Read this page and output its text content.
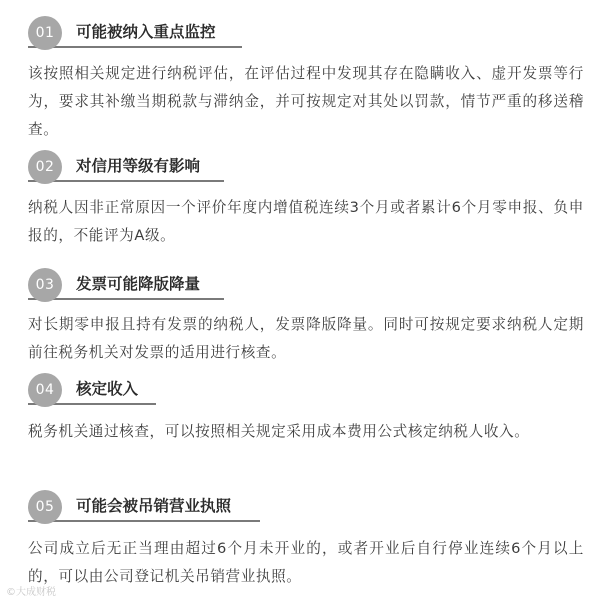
01	可能被纳入重点监控
该按照相关规定进行纳税评估，在评估过程中发现其存在隐瞒收入、虚开发票等行为，要求其补缴当期税款与滞纳金，并可按规定对其处以罚款，情节严重的移送稽查。
02	对信用等级有影响
纳税人因非正常原因一个评价年度内增值税连续3个月或者累计6个月零申报、负申报的，不能评为A级。
03	发票可能降版降量
对长期零申报且持有发票的纳税人，发票降版降量。同时可按规定要求纳税人定期前往税务机关对发票的适用进行核查。
04	核定收入
税务机关通过核查，可以按照相关规定采用成本费用公式核定纳税人收入。
05	可能会被吊销营业执照
公司成立后无正当理由超过6个月未开业的，或者开业后自行停业连续6个月以上的，可以由公司登记机关吊销营业执照。
©大成财税
